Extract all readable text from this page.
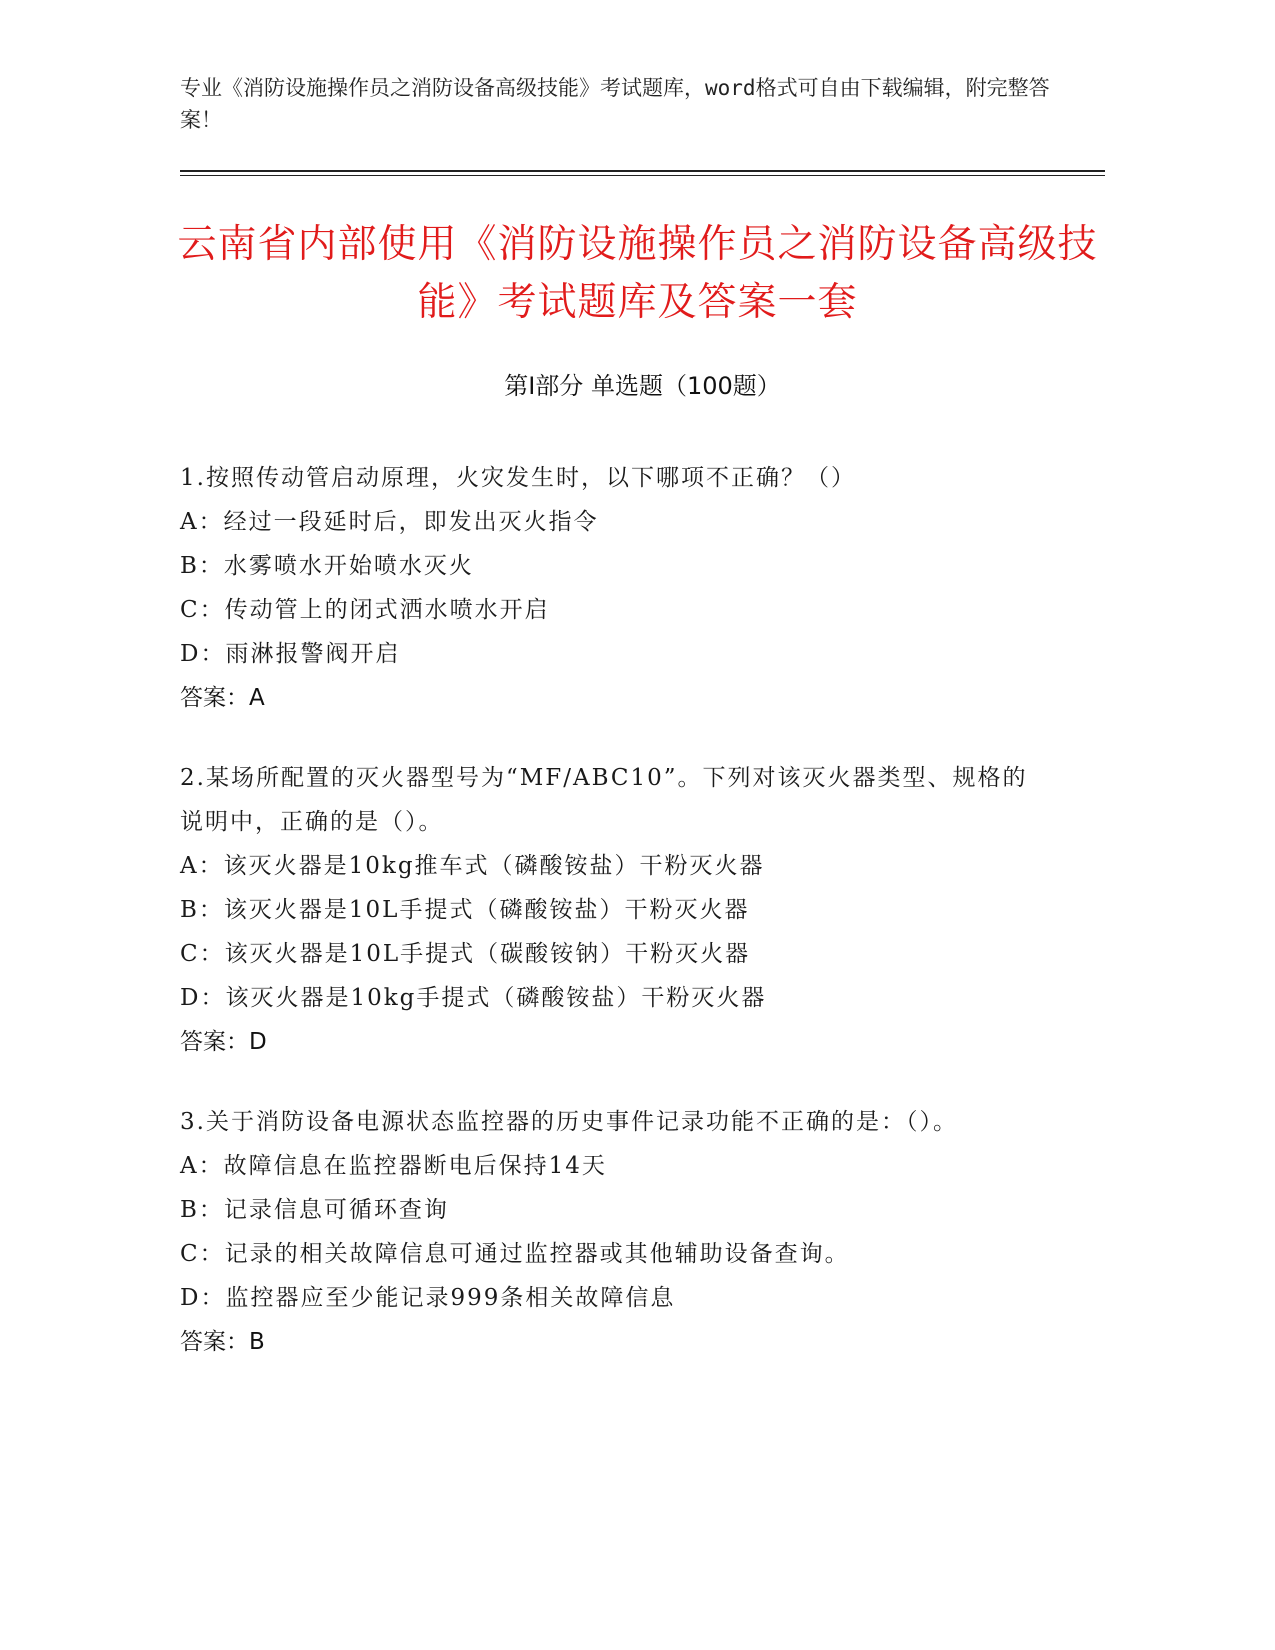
专业《消防设施操作员之消防设备高级技能》考试题库，word格式可自由下载编辑，附完整答案！
云南省内部使用《消防设施操作员之消防设备高级技能》考试题库及答案一套
第Ⅰ部分 单选题（100题）
1.按照传动管启动原理，火灾发生时，以下哪项不正确？（）
A：经过一段延时后，即发出灭火指令
B：水雾喷水开始喷水灭火
C：传动管上的闭式洒水喷水开启
D：雨淋报警阀开启
答案：A
2.某场所配置的灭火器型号为“MF/ABC10”。下列对该灭火器类型、规格的说明中，正确的是（）。
A：该灭火器是10kg推车式（磷酸铵盐）干粉灭火器
B：该灭火器是10L手提式（磷酸铵盐）干粉灭火器
C：该灭火器是10L手提式（碳酸铵钠）干粉灭火器
D：该灭火器是10kg手提式（磷酸铵盐）干粉灭火器
答案：D
3.关于消防设备电源状态监控器的历史事件记录功能不正确的是：（）。
A：故障信息在监控器断电后保持14天
B：记录信息可循环查询
C：记录的相关故障信息可通过监控器或其他辅助设备查询。
D：监控器应至少能记录999条相关故障信息
答案：B
